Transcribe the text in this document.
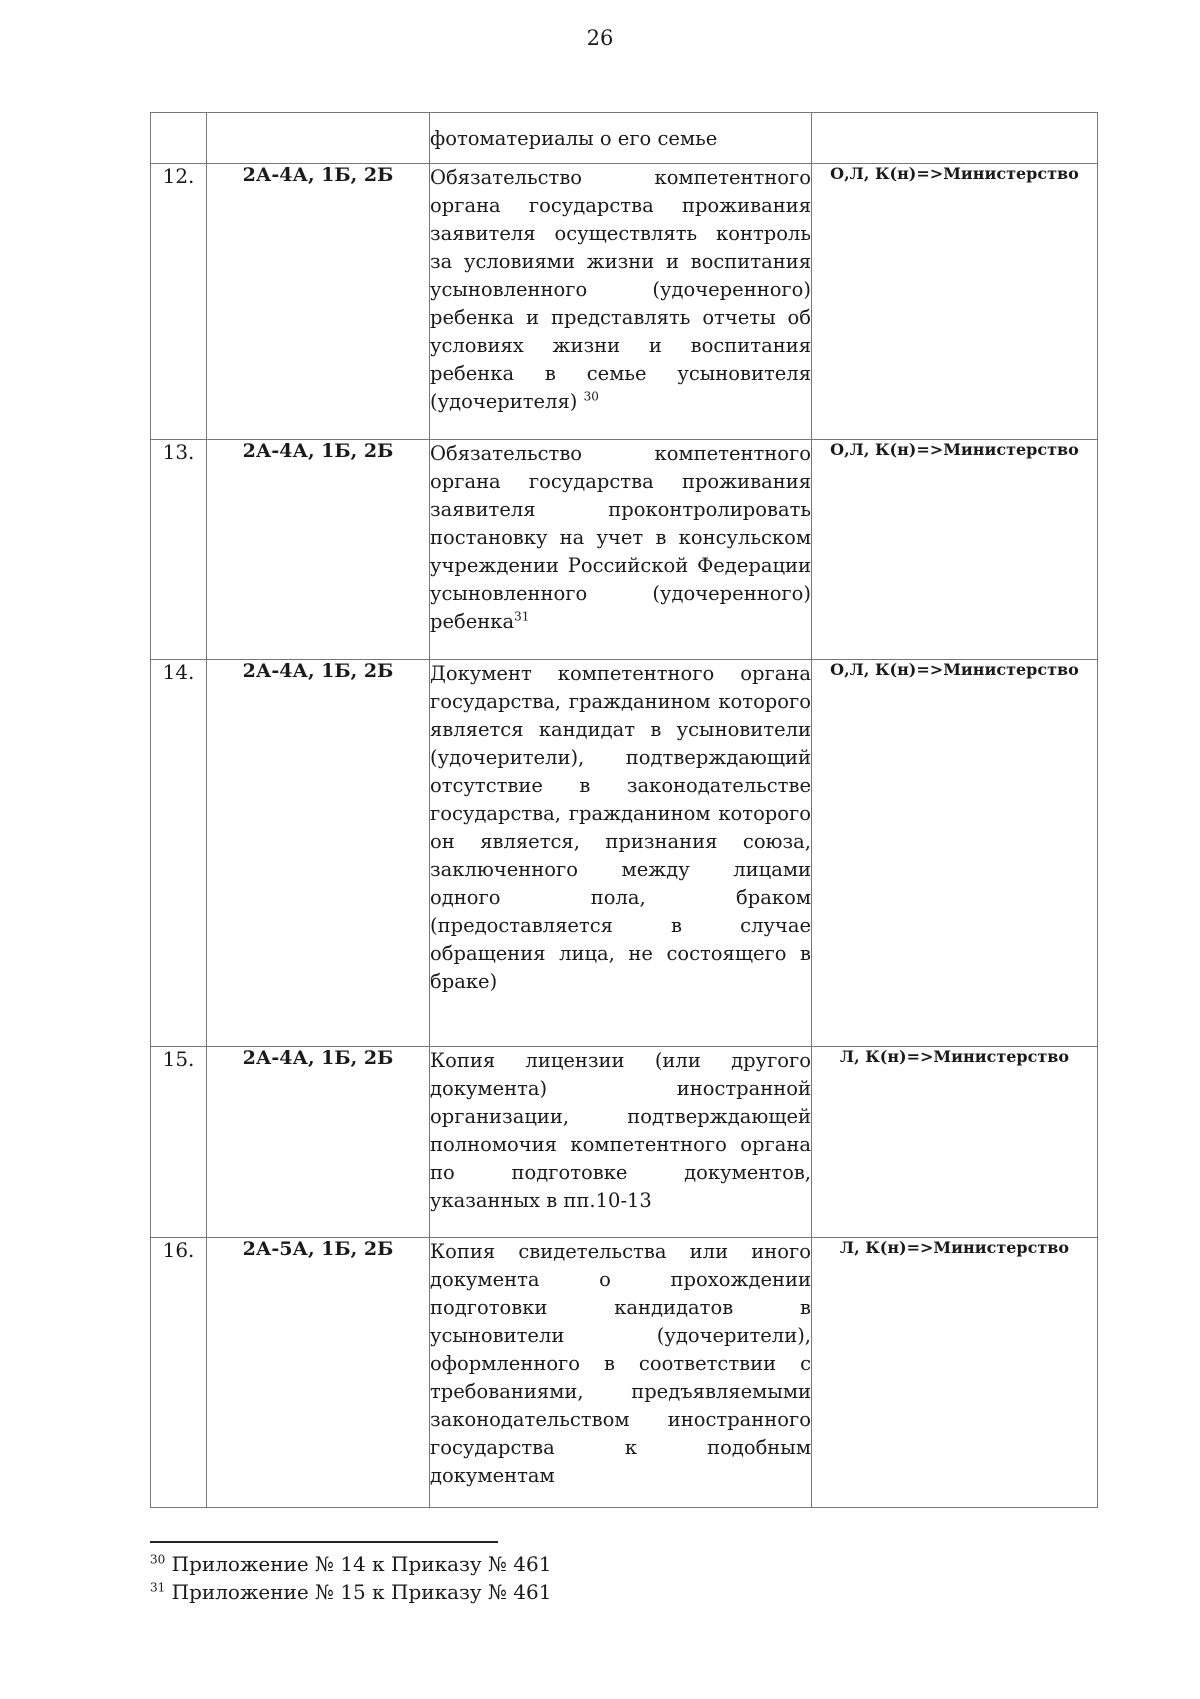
26
		фотоматериалы о его семье	
12.	2А-4А, 1Б, 2Б	Обязательство компетентного органа государства проживания заявителя осуществлять контроль за условиями жизни и воспитания усыновленного (удочеренного) ребенка и представлять отчеты об условиях жизни и воспитания ребенка в семье усыновителя (удочерителя) $^{30}$	О,Л, К(н)=>Министерство
13.	2А-4А, 1Б, 2Б	Обязательство компетентного органа государства проживания заявителя проконтролировать постановку на учет в консульском учреждении Российской Федерации усыновленного (удочеренного) ребенка$^{31}$	О,Л, К(н)=>Министерство
14.	2А-4А, 1Б, 2Б	Документ компетентного органа государства, гражданином которого является кандидат в усыновители (удочерители), подтверждающий отсутствие в законодательстве государства, гражданином которого он является, признания союза, заключенного между лицами одного пола, браком (предоставляется в случае обращения лица, не состоящего в браке)	О,Л, К(н)=>Министерство
15.	2А-4А, 1Б, 2Б	Копия лицензии (или другого документа) иностранной организации, подтверждающей полномочия компетентного органа по подготовке документов, указанных в пп.10-13	Л, К(н)=>Министерство
16.	2А-5А, 1Б, 2Б	Копия свидетельства или иного документа о прохождении подготовки кандидатов в усыновители (удочерители), оформленного в соответствии с требованиями, предъявляемыми законодательством иностранного государства к подобным документам	Л, К(н)=>Министерство
$^{30}$ Приложение № 14 к Приказу № 461
$^{31}$ Приложение № 15 к Приказу № 461
